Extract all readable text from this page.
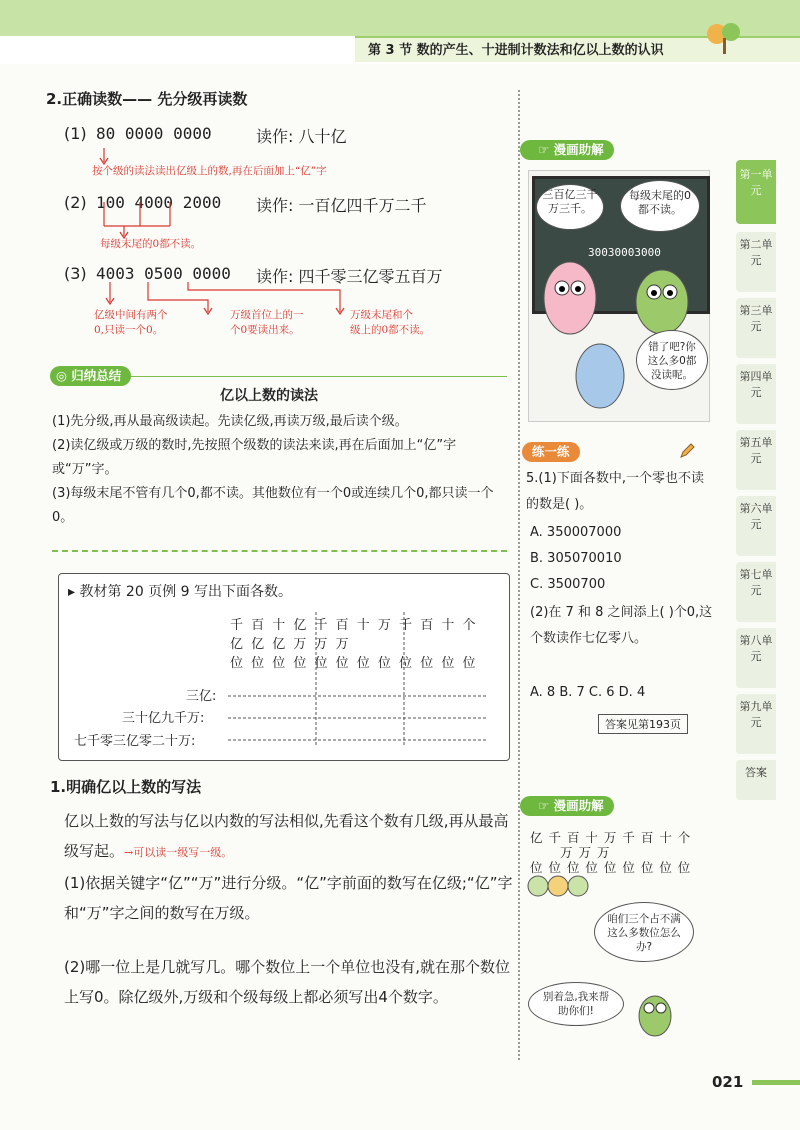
第 3 节 数的产生、十进制计数法和亿以上数的认识
2.正确读数—— 先分级再读数
(1) 80 0000 0000	读作: 八十亿
(2) 100 4000 2000 读作: 一百亿四千万二千
(3) 4003 0500 0000 读作: 四千零三亿零五百万
按个级的读法读出亿级上的数,再在后面加上“亿”字
每级末尾的0都不读。
亿级中间有两个
0,只读一个0。
万级首位上的一
个0要读出来。
万级末尾和个
级上的0都不读。
◎ 归纳总结
亿以上数的读法
(1)先分级,再从最高级读起。先读亿级,再读万级,最后读个级。
(2)读亿级或万级的数时,先按照个级数的读法来读,再在后面加上“亿”字或“万”字。
(3)每级末尾不管有几个0,都不读。其他数位有一个0或连续几个0,都只读一个0。
▸ 教材第 20 页例 9 写出下面各数。
千 百 十 亿 千 百 十 万 千 百 十 个
亿 亿 亿 万 万 万
位 位 位 位 位 位 位 位 位 位 位 位
三亿:
三十亿九千万:
七千零三亿零二十万:
1.明确亿以上数的写法
亿以上数的写法与亿以内数的写法相似,先看这个数有几级,再从最高级写起。→可以读一级写一级。
(1)依据关键字“亿”“万”进行分级。“亿”字前面的数写在亿级;“亿”字和“万”字之间的数写在万级。
(2)哪一位上是几就写几。哪个数位上一个单位也没有,就在那个数位上写0。除亿级外,万级和个级每级上都必须写出4个数字。
☞ 漫画助解
三百亿三千万三千。
每级末尾的0都不读。
30030003000
错了吧?你这么多0都没读呢。
练一练
5.(1)下面各数中,一个零也不读的数是( )。
A. 350007000
B. 305070010
C. 3500700
(2)在 7 和 8 之间添上( )个0,这个数读作七亿零八。
A. 8 B. 7 C. 6 D. 4
答案见第193页
☞ 漫画助解
亿 千 百 十 万 千 百 十 个
万 万 万
位 位 位 位 位 位 位 位 位
咱们三个占不满这么多数位怎么办?
别着急,我来帮助你们!
第一单元
第二单元
第三单元
第四单元
第五单元
第六单元
第七单元
第八单元
第九单元
答案
021
